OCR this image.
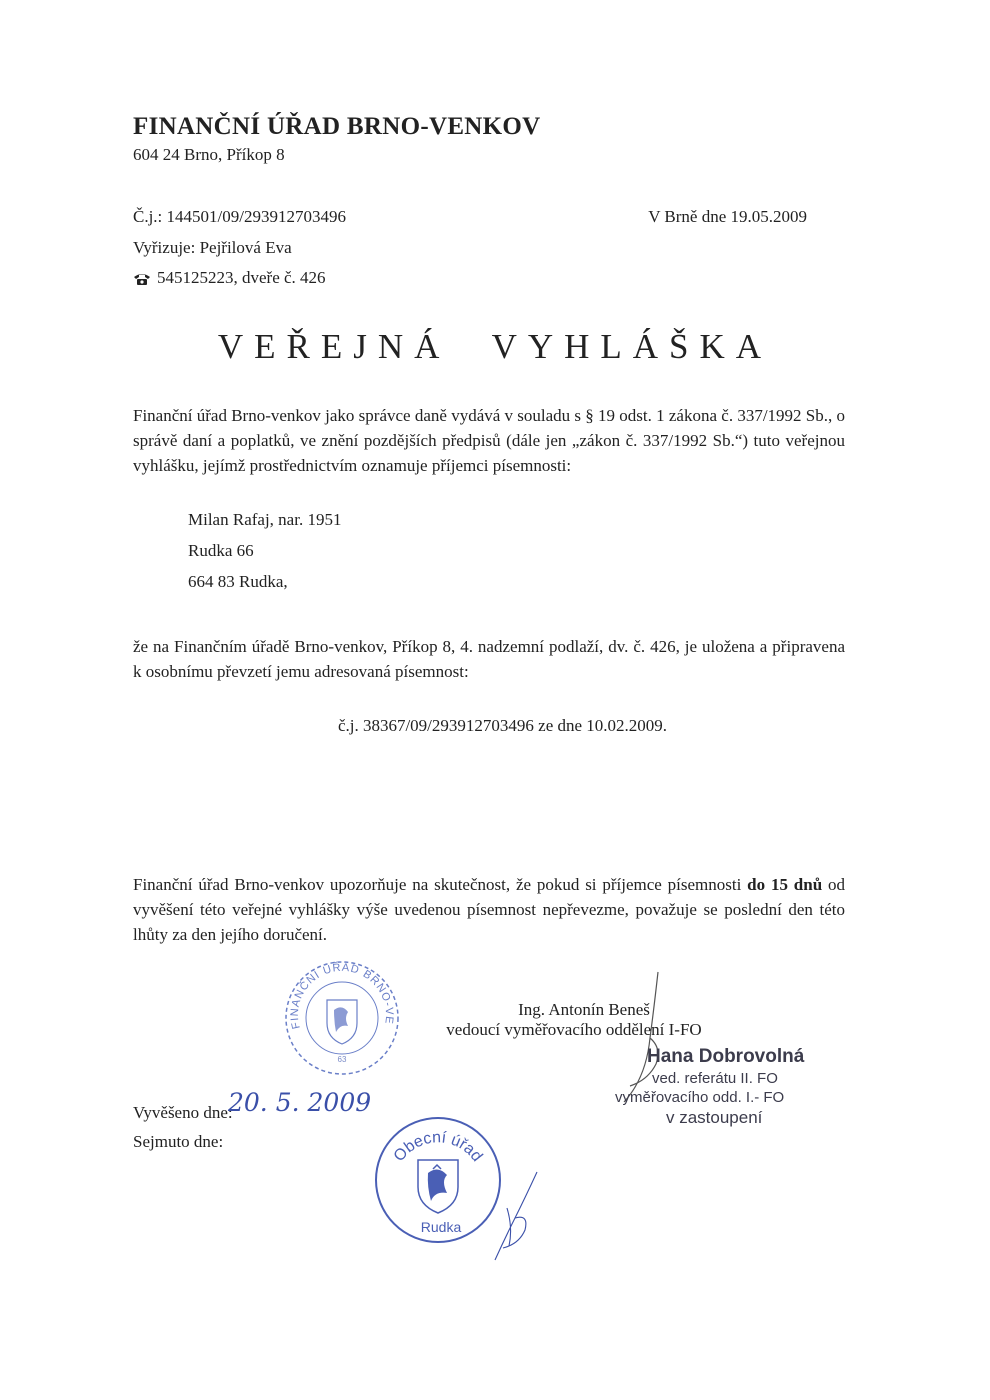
FINANČNÍ ÚŘAD BRNO-VENKOV
604 24 Brno, Příkop 8
Č.j.: 144501/09/293912703496
Vyřizuje: Pejřilová Eva
545125223, dveře č. 426
V Brně dne 19.05.2009
VEŘEJNÁ VYHLÁŠKA
Finanční úřad Brno-venkov jako správce daně vydává v souladu s § 19 odst. 1 zákona č. 337/1992 Sb., o správě daní a poplatků, ve znění pozdějších předpisů (dále jen „zákon č. 337/1992 Sb.“) tuto veřejnou vyhlášku, jejímž prostřednictvím oznamuje příjemci písemnosti:
Milan Rafaj, nar. 1951
Rudka 66
664 83 Rudka,
že na Finančním úřadě Brno-venkov, Příkop 8, 4. nadzemní podlaží, dv. č. 426, je uložena a připravena k osobnímu převzetí jemu adresovaná písemnost:
č.j. 38367/09/293912703496 ze dne 10.02.2009.
Finanční úřad Brno-venkov upozorňuje na skutečnost, že pokud si příjemce písemnosti do 15 dnů od vyvěšení této veřejné vyhlášky výše uvedenou písemnost nepřevezme, považuje se poslední den této lhůty za den jejího doručení.
63
FINANČNÍ ÚŘAD BRNO-VENKOV
Ing. Antonín Beneš
vedoucí vyměřovacího oddělení I-FO
Hana Dobrovolná
ved. referátu II. FO
vyměřovacího odd. I.- FO
v zastoupení
Vyvěšeno dne:
20. 5. 2009
Sejmuto dne:
Obecní úřad
Rudka
